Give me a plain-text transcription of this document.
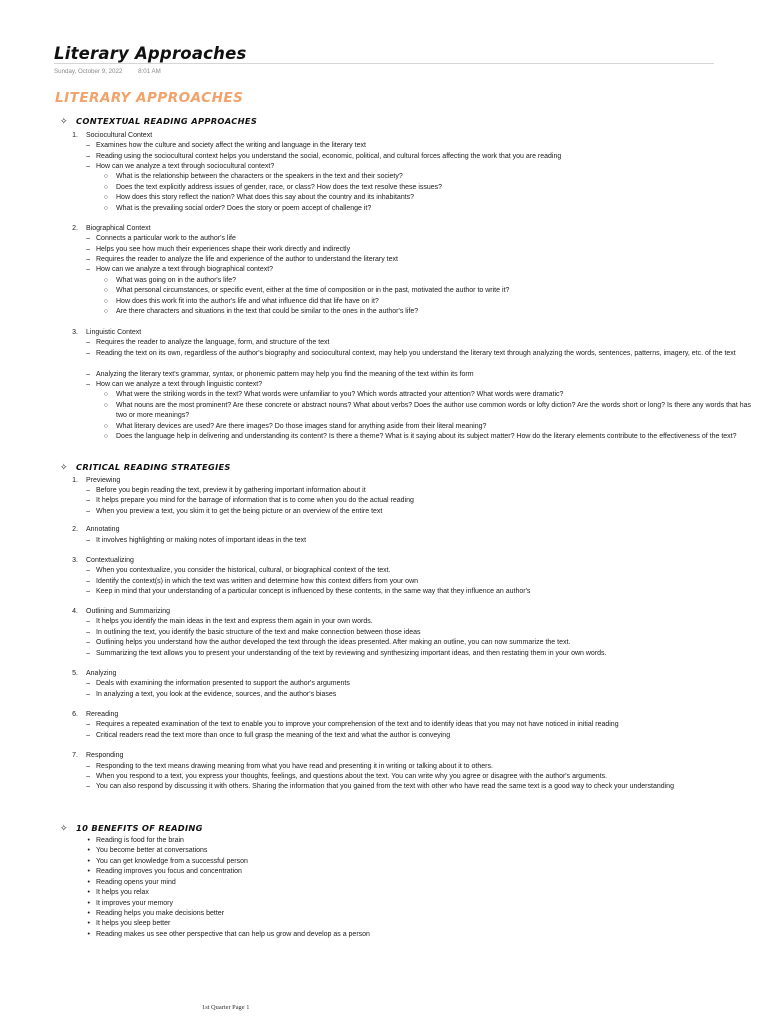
Literary Approaches
Sunday, October 9, 2022	8:01 AM
LITERARY APPROACHES
✧ CONTEXTUAL READING APPROACHES
1. Sociocultural Context
– Examines how the culture and society affect the writing and language in the literary text
– Reading using the sociocultural context helps you understand the social, economic, political, and cultural forces affecting the work that you are reading
– How can we analyze a text through sociocultural context?
○ What is the relationship between the characters or the speakers in the text and their society?
○ Does the text explicitly address issues of gender, race, or class? How does the text resolve these issues?
○ How does this story reflect the nation? What does this say about the country and its inhabitants?
○ What is the prevailing social order? Does the story or poem accept of challenge it?
2. Biographical Context
– Connects a particular work to the author's life
– Helps you see how much their experiences shape their work directly and indirectly
– Requires the reader to analyze the life and experience of the author to understand the literary text
– How can we analyze a text through biographical context?
○ What was going on in the author's life?
○ What personal circumstances, or specific event, either at the time of composition or in the past, motivated the author to write it?
○ How does this work fit into the author's life and what influence did that life have on it?
○ Are there characters and situations in the text that could be similar to the ones in the author's life?
3. Linguistic Context
– Requires the reader to analyze the language, form, and structure of the text
– Reading the text on its own, regardless of the author's biography and sociocultural context, may help you understand the literary text through analyzing the words, sentences, patterns, imagery, etc. of the text
– Analyzing the literary text's grammar, syntax, or phonemic pattern may help you find the meaning of the text within its form
– How can we analyze a text through linguistic context?
○ What were the striking words in the text? What words were unfamiliar to you? Which words attracted your attention? What words were dramatic?
○ What nouns are the most prominent? Are these concrete or abstract nouns? What about verbs? Does the author use common words or lofty diction? Are the words short or long? Is there any words that has two or more meanings?
○ What literary devices are used? Are there images? Do those images stand for anything aside from their literal meaning?
○ Does the language help in delivering and understanding its content? Is there a theme? What is it saying about its subject matter? How do the literary elements contribute to the effectiveness of the text?
✧ CRITICAL READING STRATEGIES
1. Previewing
– Before you begin reading the text, preview it by gathering important information about it
– It helps prepare you mind for the barrage of information that is to come when you do the actual reading
– When you preview a text, you skim it to get the being picture or an overview of the entire text
2. Annotating
– It involves highlighting or making notes of important ideas in the text
3. Contextualizing
– When you contextualize, you consider the historical, cultural, or biographical context of the text.
– Identify the context(s) in which the text was written and determine how this context differs from your own
– Keep in mind that your understanding of a particular concept is influenced by these contents, in the same way that they influence an author's
4. Outlining and Summarizing
– It helps you identify the main ideas in the text and express them again in your own words.
– In outlining the text, you identify the basic structure of the text and make connection between those ideas
– Outlining helps you understand how the author developed the text through the ideas presented. After making an outline, you can now summarize the text.
– Summarizing the text allows you to present your understanding of the text by reviewing and synthesizing important ideas, and then restating them in your own words.
5. Analyzing
– Deals with examining the information presented to support the author's arguments
– In analyzing a text, you look at the evidence, sources, and the author's biases
6. Rereading
– Requires a repeated examination of the text to enable you to improve your comprehension of the text and to identify ideas that you may not have noticed in initial reading
– Critical readers read the text more than once to full grasp the meaning of the text and what the author is conveying
7. Responding
– Responding to the text means drawing meaning from what you have read and presenting it in writing or talking about it to others.
– When you respond to a text, you express your thoughts, feelings, and questions about the text. You can write why you agree or disagree with the author's arguments.
– You can also respond by discussing it with others. Sharing the information that you gained from the text with other who have read the same text is a good way to check your understanding
✧ 10 BENEFITS OF READING
• Reading is food for the brain
• You become better at conversations
• You can get knowledge from a successful person
• Reading improves you focus and concentration
• Reading opens your mind
• It helps you relax
• It improves your memory
• Reading helps you make decisions better
• It helps you sleep better
• Reading makes us see other perspective that can help us grow and develop as a person
1st Quarter Page 1
